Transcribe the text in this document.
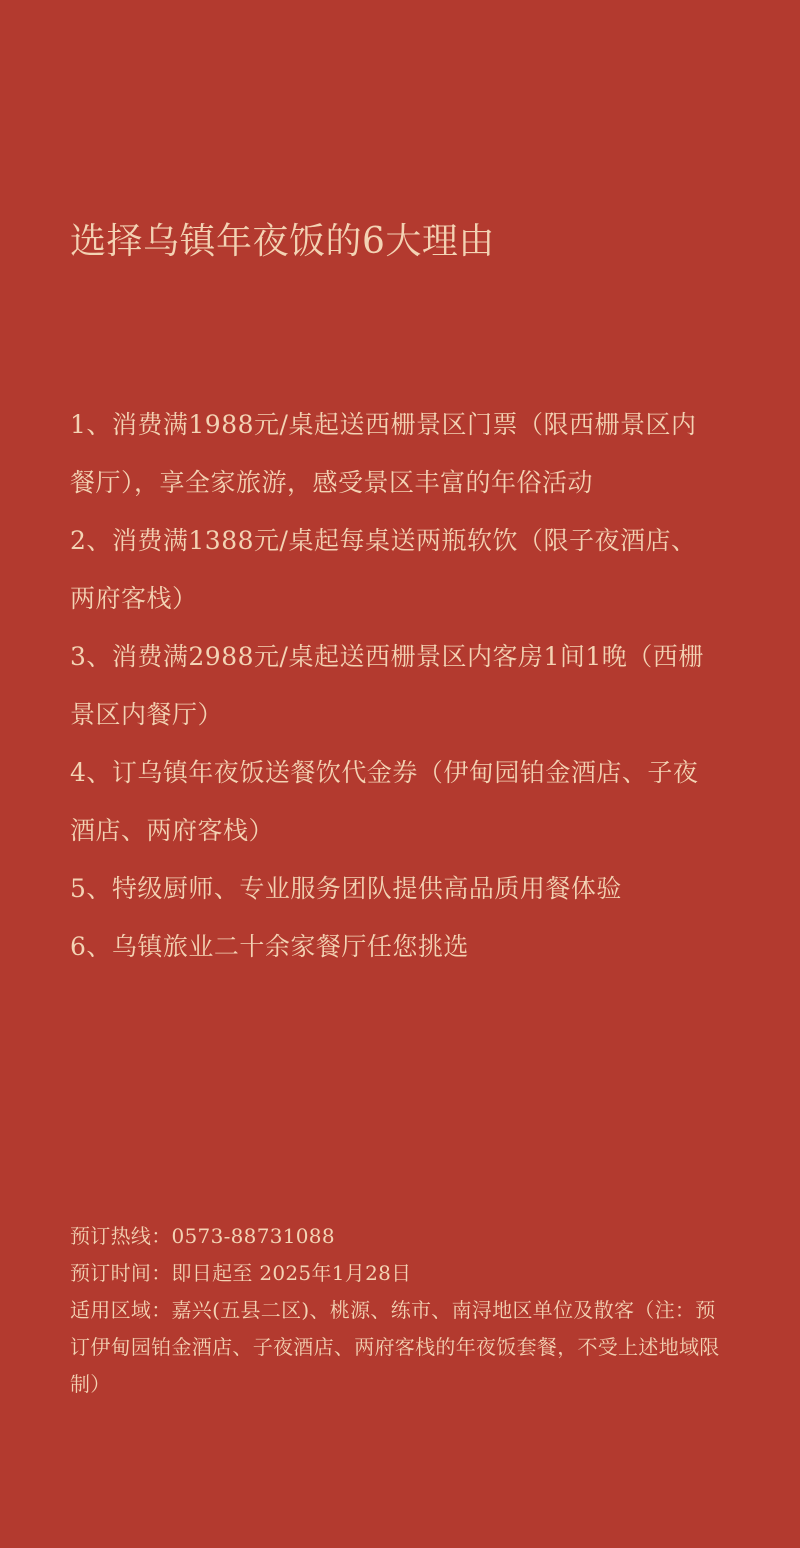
选择乌镇年夜饭的6大理由
1、消费满1988元/桌起送西栅景区门票（限西栅景区内餐厅），享全家旅游，感受景区丰富的年俗活动
2、消费满1388元/桌起每桌送两瓶软饮（限子夜酒店、两府客栈）
3、消费满2988元/桌起送西栅景区内客房1间1晚（西栅景区内餐厅）
4、订乌镇年夜饭送餐饮代金券（伊甸园铂金酒店、子夜酒店、两府客栈）
5、特级厨师、专业服务团队提供高品质用餐体验
6、乌镇旅业二十余家餐厅任您挑选

预订热线：0573-88731088

预订时间：即日起至 2025年1月28日

适用区域：嘉兴(五县二区)、桃源、练市、南浔地区单位及散客（注：预订伊甸园铂金酒店、子夜酒店、两府客栈的年夜饭套餐，不受上述地域限制）
